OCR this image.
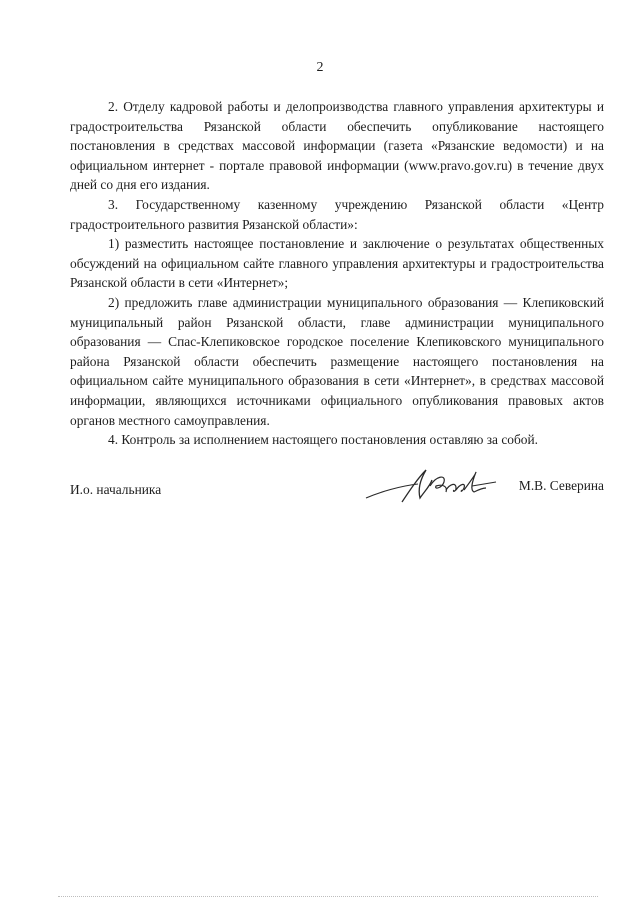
2

2. Отделу кадровой работы и делопроизводства главного управления архитектуры и градостроительства Рязанской области обеспечить опубликование настоящего постановления в средствах массовой информации (газета «Рязанские ведомости) и на официальном интернет - портале правовой информации (www.pravo.gov.ru) в течение двух дней со дня его издания.

3. Государственному казенному учреждению Рязанской области «Центр градостроительного развития Рязанской области»:

1) разместить настоящее постановление и заключение о результатах общественных обсуждений на официальном сайте главного управления архитектуры и градостроительства Рязанской области в сети «Интернет»;

2) предложить главе администрации муниципального образования — Клепиковский муниципальный район Рязанской области, главе администрации муниципального образования — Спас-Клепиковское городское поселение Клепиковского муниципального района Рязанской области обеспечить размещение настоящего постановления на официальном сайте муниципального образования в сети «Интернет», в средствах массовой информации, являющихся источниками официального опубликования правовых актов органов местного самоуправления.

4. Контроль за исполнением настоящего постановления оставляю за собой.

И.о. начальника	М.В. Северина
